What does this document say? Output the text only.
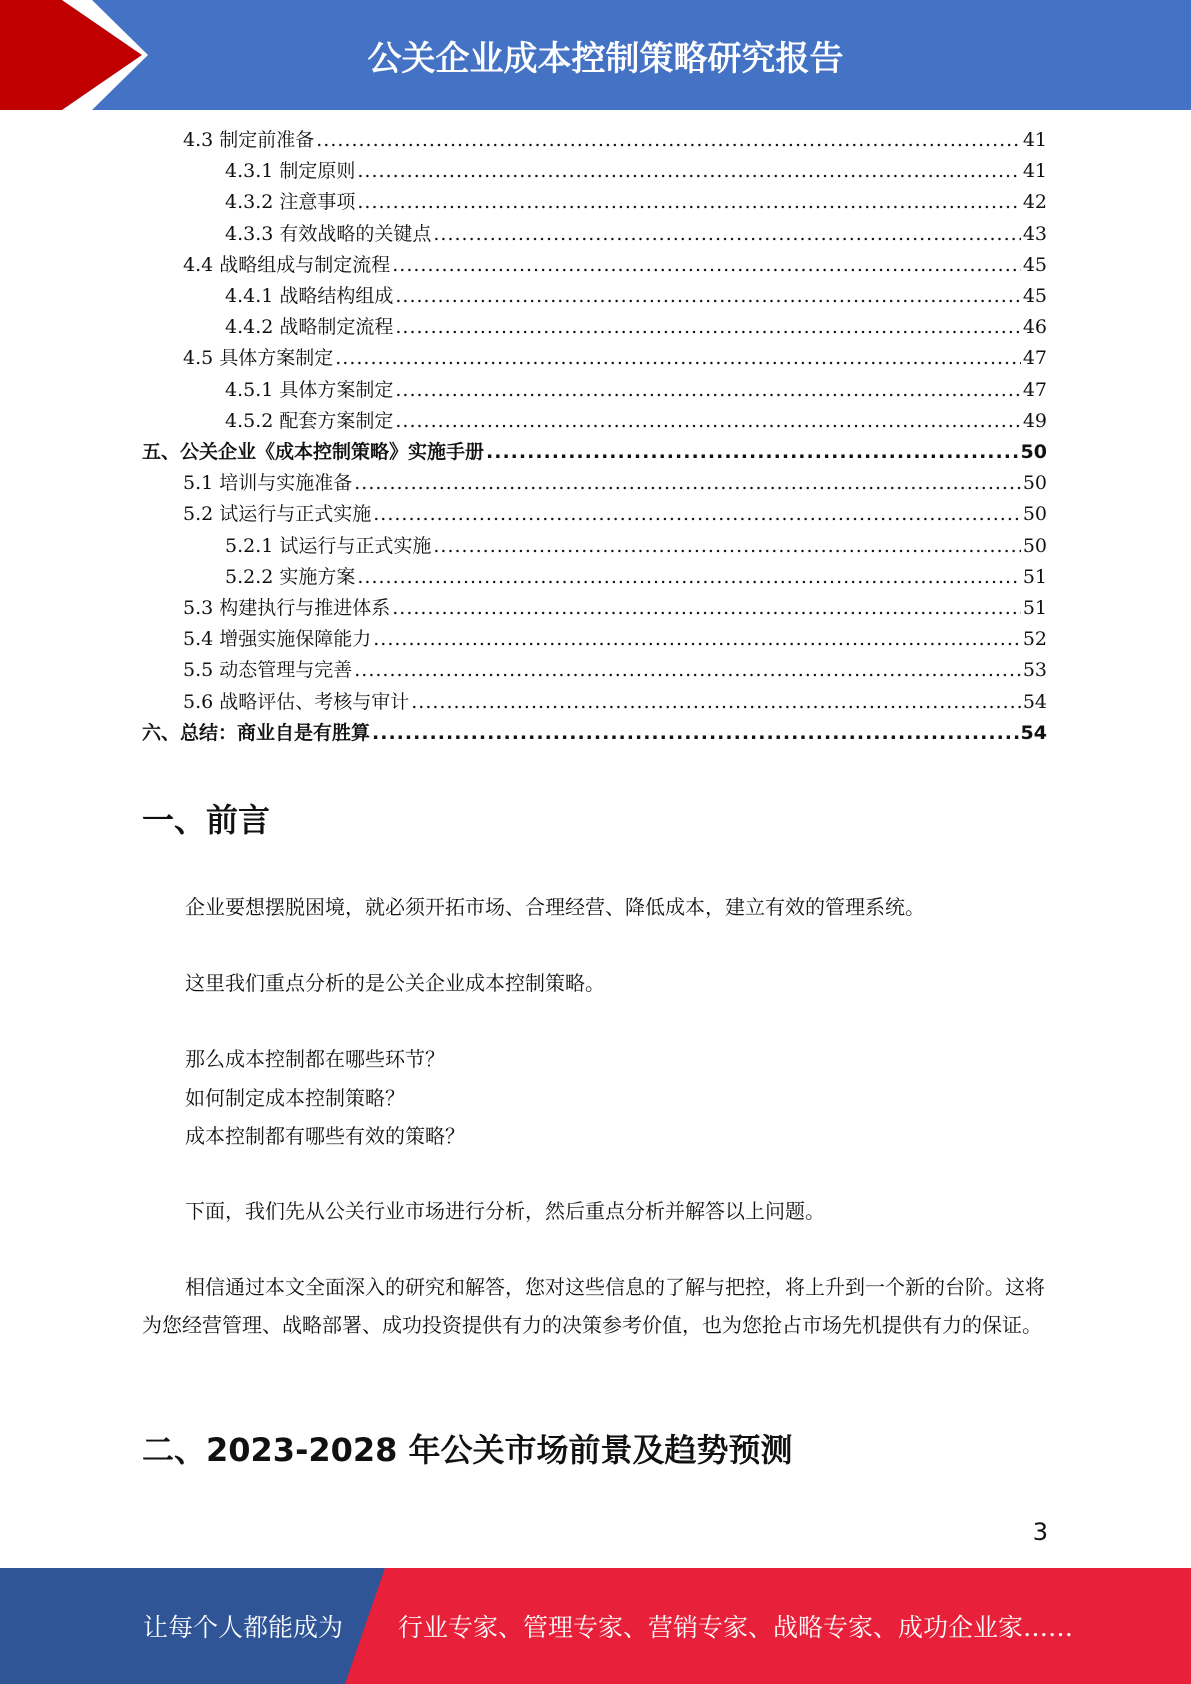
公关企业成本控制策略研究报告
4.3 制定前准备 .....	41
4.3.1 制定原则 .....	41
4.3.2 注意事项 .....	42
4.3.3 有效战略的关键点 .....	43
4.4 战略组成与制定流程 .....	45
4.4.1 战略结构组成 .....	45
4.4.2 战略制定流程 .....	46
4.5 具体方案制定 .....	47
4.5.1 具体方案制定 .....	47
4.5.2 配套方案制定 .....	49
五、公关企业《成本控制策略》实施手册 .....	50
5.1 培训与实施准备 .....	50
5.2 试运行与正式实施 .....	50
5.2.1 试运行与正式实施 .....	50
5.2.2 实施方案 .....	51
5.3 构建执行与推进体系 .....	51
5.4 增强实施保障能力 .....	52
5.5 动态管理与完善 .....	53
5.6 战略评估、考核与审计 .....	54
六、总结：商业自是有胜算 .....	54
一、前言
企业要想摆脱困境，就必须开拓市场、合理经营、降低成本，建立有效的管理系统。
这里我们重点分析的是公关企业成本控制策略。
那么成本控制都在哪些环节？
如何制定成本控制策略？
成本控制都有哪些有效的策略？
下面，我们先从公关行业市场进行分析，然后重点分析并解答以上问题。
相信通过本文全面深入的研究和解答，您对这些信息的了解与把控，将上升到一个新的台阶。这将为您经营管理、战略部署、成功投资提供有力的决策参考价值，也为您抢占市场先机提供有力的保证。
二、2023-2028 年公关市场前景及趋势预测
3
让每个人都能成为 行业专家、管理专家、营销专家、战略专家、成功企业家……
